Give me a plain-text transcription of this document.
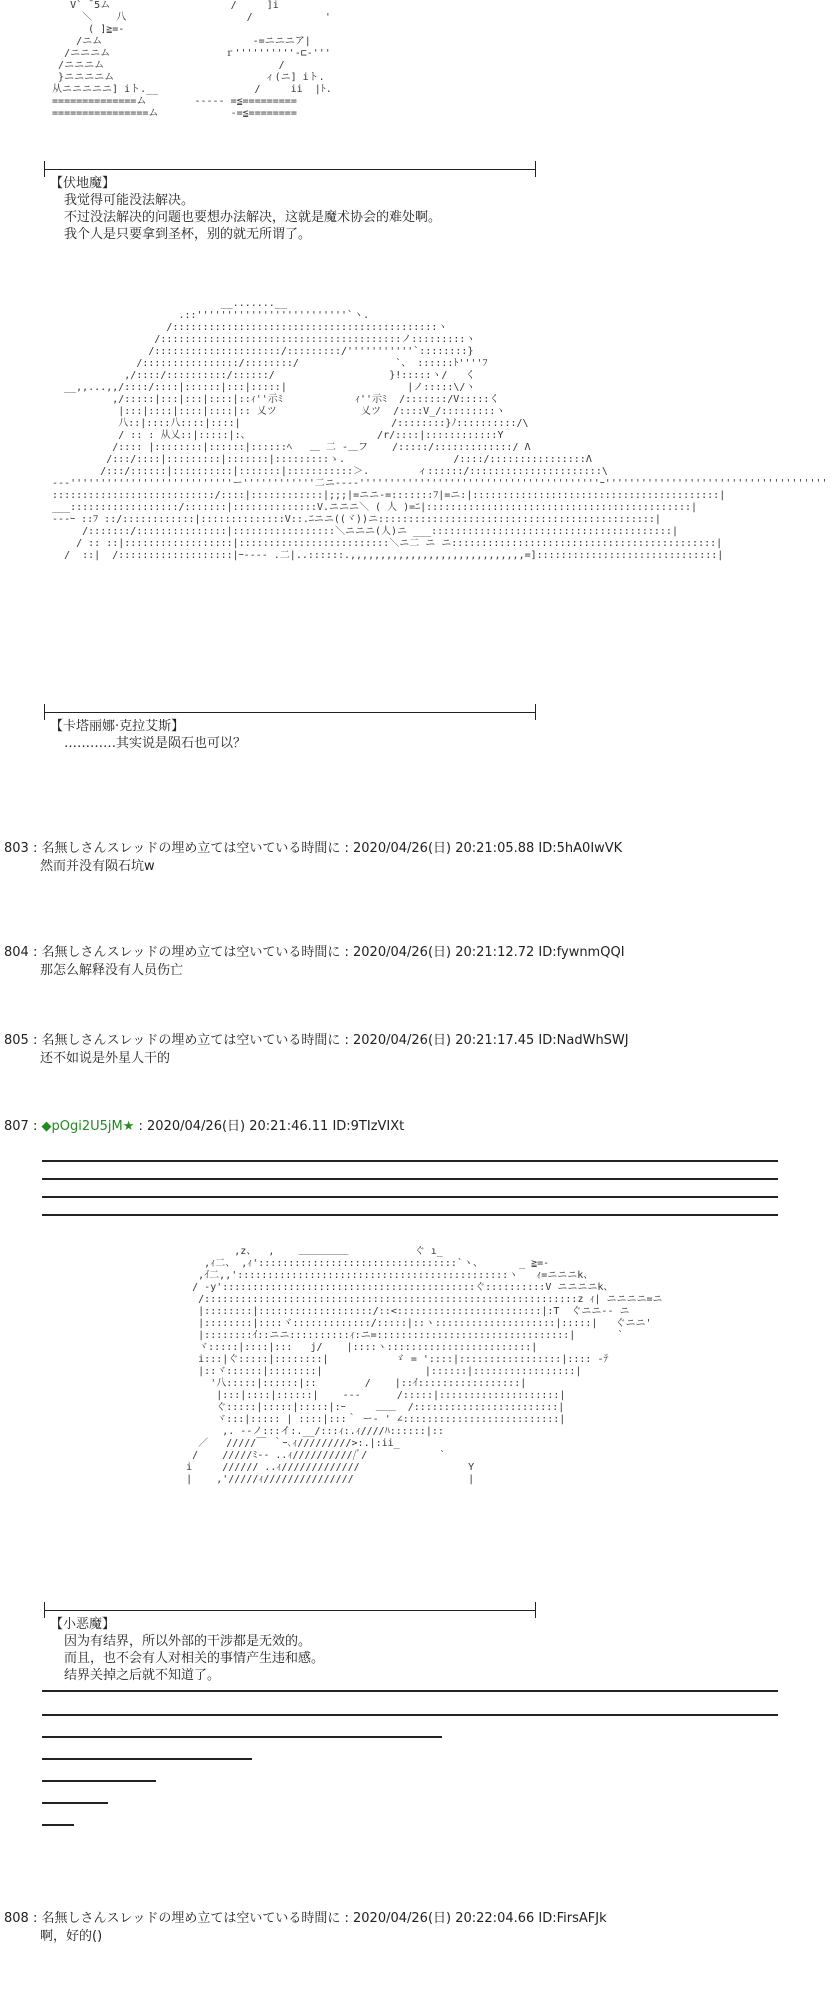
V` ¯5ム                    /     ]i
＼    八                    /            '
( ]≧=-
/ニム                         -=ニニニア|
/ニニニム                   ｒ''''''''''‐⊏‐'''
/ニニニム                             /
}ニニニニム                         ィ(ニ] iト.
从ニニニニニ] iト.__                /     ii  |ﾄ.
==============ム        ‐‐‐-- =≦=========
================ム            -=≦========
【伏地魔】
我觉得可能没法解决。
不过没法解决的问题也要想办法解决，这就是魔术协会的难处啊。
我个人是只要拿到圣杯，别的就无所谓了。
__.......__
.::'''''''''''''''''''''''''`ヽ.
/::::::::::::::::::::::::::::::::::::::::::::ヽ
/::::::::::::::::::::::::::::::::::::::::ノ:::::::::ヽ
/:::::::::::::::::::::/:::::::::/'''''''''''`::::::::}
/::::::::::::::::/::::::::/                `、 ::::::ﾄ''''ﾌ
,/::::/::::::::::/::::::/                   }!:::::ヽ/   く
__,,...,,/::::/::::|::::::|:::|:::::|                    |ノ:::::\/ヽ
,/:::::|:::|:::|::::|::ｨ''示ﾐ            ｨ''示ﾐ  /:::::::/V:::::く
|:::|::::|::::|::::|:: 乂ツ              乂ツ  /::::V_/:::::::::ヽ
八::|::::八::::|::::|                         /::::::::}ﾉ::::::::::/\
/ :: : 从乂::|:::::|:、                     /r/::::|::::::::::::Y
/:::: |::::::::|::::::|::::::ﾍ   ＿ 二 ‐＿フ    /:::::/:::::::::::::/ Λ
/:::/::::|:::::::::|:::::::|:::::::::ゝ.                  /::::/::::::::::::::::Λ
/:::/::::::|::::::::::|:::::::|:::::::::::＞.        ィ::::::/::::::::::::::::::::::\
‐‐‐'''''''''''''''''''''''''''ー''''''''''''二ニ‐‐‐‐''''''''''''''''''''''''''''''''''''''''ｰ'''''''''''''''''''''''''''''''''''''
:::::::::::::::::::::::::::/::::|::::::::::::|;;;|=ニニ-=:::::::ﾌ|=ニ:|:::::::::::::::::::::::::::::::::::::::::|
___::::::::::::::::::/:::::::|::::::::::::::V.ニニニ＼ ( 人 )=ﾆ|::::::::::::::::::::::::::::::::::::::::::::|
‐‐‐ｰ ::ﾌ ::/::::::::::::|::::::::::::::V::.ﾆニニ((ヾ))ニ::::::::::::::::::::::::::::::::::::::::::::::|
/:::::::/:::::::::::::::|:::::::::::::::::＼ニニニ(人)ニ ___::::::::::::::::::::::::::::::::::::::::|
/ :: ::|::::::::::::::::::|:::::::::::::::::::::::::＼ニ二 ニ ニ::::::::::::::::::::::::::::::::::::::::::::|
/  ::|  /:::::::::::::::::::|ｰ‐‐‐‐ .二|..::::::.,,,,,,,,,,,,,,,,,,,,,,,,,,,,,=]::::::::::::::::::::::::::::::|
【卡塔丽娜·克拉艾斯】
…………其实说是陨石也可以？
803 : 名無しさんスレッドの埋め立ては空いている時間に : 2020/04/26(日) 20:21:05.88 ID:5hA0IwVK
然而并没有陨石坑w
804 : 名無しさんスレッドの埋め立ては空いている時間に : 2020/04/26(日) 20:21:12.72 ID:fywnmQQI
那怎么解释没有人员伤亡
805 : 名無しさんスレッドの埋め立ては空いている時間に : 2020/04/26(日) 20:21:17.45 ID:NadWhSWJ
还不如说是外星人干的
807 : ◆pOgi2U5jM★ : 2020/04/26(日) 20:21:46.11 ID:9TIzVIXt
,z、  ,    ＿＿＿＿＿           ぐ ı_
,ｨ二、 ,ｨ':::::::::::::::::::::::::::::::::`ヽ、      _ ≧=-
,ｲ二,,':::::::::::::::::::::::::::::::::::::::::::::ヽ   ｨ=ニニニk、
/ -y'::::::::::::::::::::::::::::::::::::::::::ぐ::::::::::V ニニニニk、
/::::::::::::::::::::::::::::::::::::::::::::::::::::::::::::::z ｨ| ニニニニ=ニ
|::::::::|:::::::::::::::::::/::<::::::::::::::::::::::::|:T  ぐニニ-- ニ
|::::::::|::::ヾ:::::::::::::/:::::|::ヽ::::::::::::::::::::|:::::|   ぐニニ'
|::::::::ｲ::ニニ::::::::::ｨ:ニ=::::::::::::::::::::::::::::::::|       `
ヾ:::::|::::|:::   j/    |::::ヽ::::::::::::::::::::::::|
i:::|ぐ:::::|::::::::|           ゞ = '::::|:::::::::::::::::|:::: -ﾃ
|::ヾ::::::|::::::::|                 |::::::|:::::::::::::::::|
'八:::::|::::::|::        /    |::ｲ:::::::::::::::::|
|:::|::::|::::::|    ‐‐‐      /:::::|::::::::::::::::::::|
ぐ:::::|:::::|:::::|:ｰ     ＿＿  /::::::::::::::::::::::::|
ヾ:::|::::: | ::::|:::｀ ー‐ ' ∠::::::::::::::::::::::::::|
,. ‐-ノ:::イ:.__/:::ｨ:.ｨ////ﾊ::::::|::
／   /////￣ ｀ｰ､ｨ/////////>:.|:ii_
/    /////ﾐ-- ..ｨ///////////ﾞ/            `
i     ////// ..ｨ/////////////                  Y
|    ,'/////ｨ///////////////                   |
【小恶魔】
因为有结界，所以外部的干涉都是无效的。
而且，也不会有人对相关的事情产生违和感。
结界关掉之后就不知道了。
808 : 名無しさんスレッドの埋め立ては空いている時間に : 2020/04/26(日) 20:22:04.66 ID:FirsAFJk
啊，好的()
